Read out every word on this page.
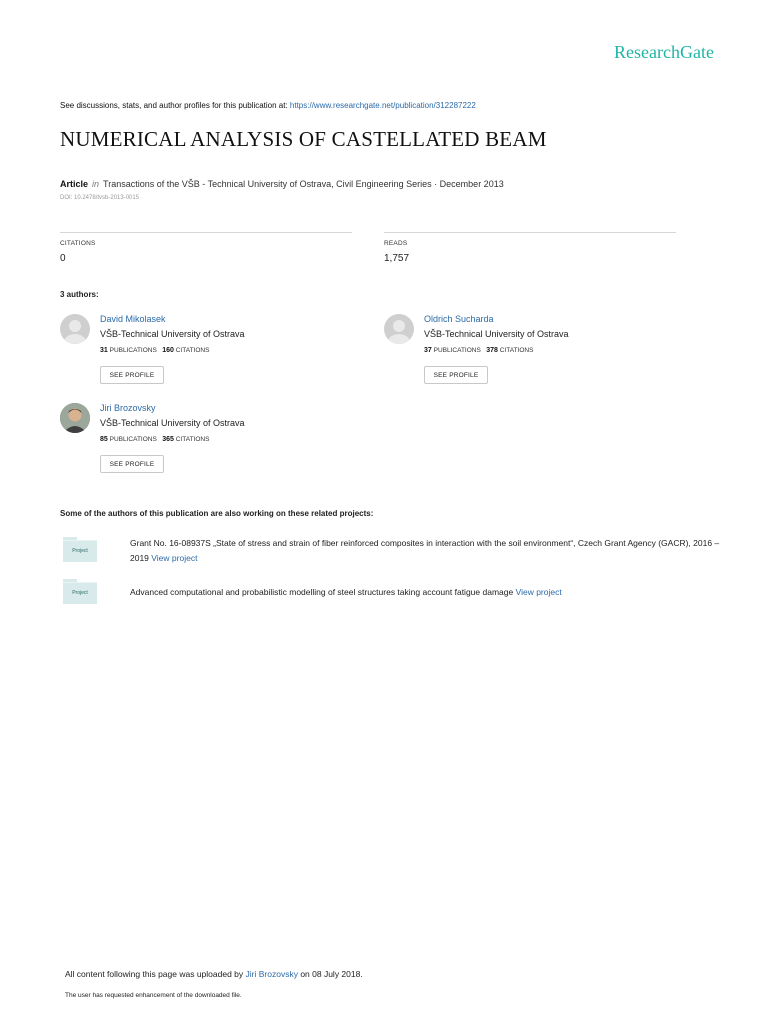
ResearchGate
See discussions, stats, and author profiles for this publication at: https://www.researchgate.net/publication/312287222
NUMERICAL ANALYSIS OF CASTELLATED BEAM
Article in Transactions of the VŠB - Technical University of Ostrava, Civil Engineering Series · December 2013
DOI: 10.2478/tvsb-2013-0015
CITATIONS
0
READS
1,757
3 authors:
David Mikolasek
VŠB-Technical University of Ostrava
31 PUBLICATIONS 160 CITATIONS
SEE PROFILE
Oldrich Sucharda
VŠB-Technical University of Ostrava
37 PUBLICATIONS 378 CITATIONS
SEE PROFILE
Jiri Brozovsky
VŠB-Technical University of Ostrava
85 PUBLICATIONS 365 CITATIONS
SEE PROFILE
Some of the authors of this publication are also working on these related projects:
Project
Grant No. 16-08937S „State of stress and strain of fiber reinforced composites in interaction with the soil environment“, Czech Grant Agency (GACR), 2016 – 2019 View project
Project	Advanced computational and probabilistic modelling of steel structures taking account fatigue damage View project
All content following this page was uploaded by Jiri Brozovsky on 08 July 2018.
The user has requested enhancement of the downloaded file.
